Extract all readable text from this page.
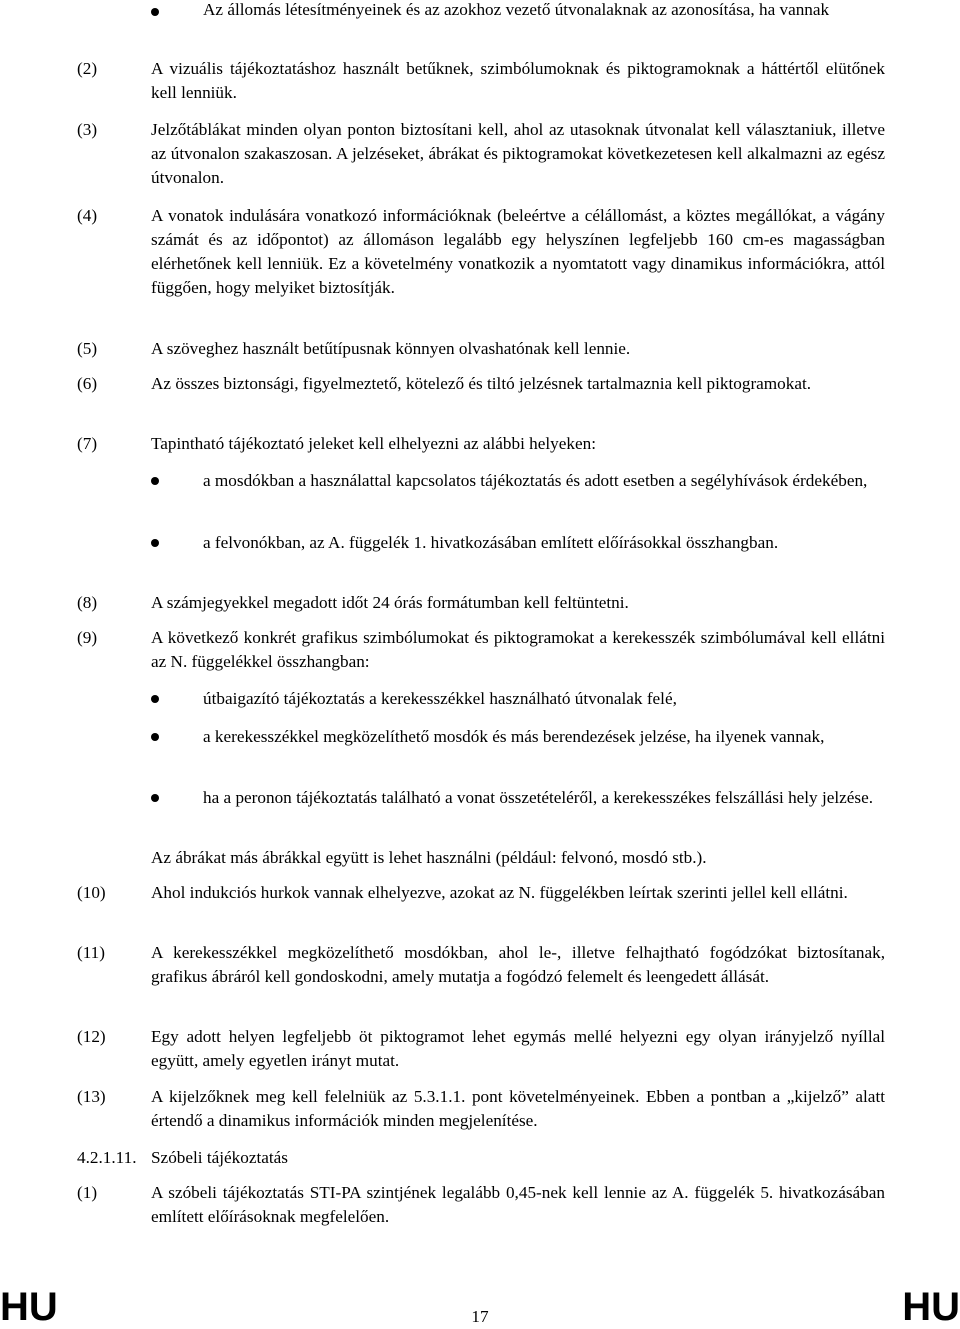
Az állomás létesítményeinek és az azokhoz vezető útvonalaknak az azonosítása, ha vannak
(2)	A vizuális tájékoztatáshoz használt betűknek, szimbólumoknak és piktogramoknak a háttértől elütőnek kell lenniük.
(3)	Jelzőtáblákat minden olyan ponton biztosítani kell, ahol az utasoknak útvonalat kell választaniuk, illetve az útvonalon szakaszosan. A jelzéseket, ábrákat és piktogramokat következetesen kell alkalmazni az egész útvonalon.
(4)	A vonatok indulására vonatkozó információknak (beleértve a célállomást, a köztes megállókat, a vágány számát és az időpontot) az állomáson legalább egy helyszínen legfeljebb 160 cm-es magasságban elérhetőnek kell lenniük. Ez a követelmény vonatkozik a nyomtatott vagy dinamikus információkra, attól függően, hogy melyiket biztosítják.
(5)	A szöveghez használt betűtípusnak könnyen olvashatónak kell lennie.
(6)	Az összes biztonsági, figyelmeztető, kötelező és tiltó jelzésnek tartalmaznia kell piktogramokat.
(7)	Tapintható tájékoztató jeleket kell elhelyezni az alábbi helyeken:
a mosdókban a használattal kapcsolatos tájékoztatás és adott esetben a segélyhívások érdekében,
a felvonókban, az A. függelék 1. hivatkozásában említett előírásokkal összhangban.
(8)	A számjegyekkel megadott időt 24 órás formátumban kell feltüntetni.
(9)	A következő konkrét grafikus szimbólumokat és piktogramokat a kerekesszék szimbólumával kell ellátni az N. függelékkel összhangban:
útbaigazító tájékoztatás a kerekesszékkel használható útvonalak felé,
a kerekesszékkel megközelíthető mosdók és más berendezések jelzése, ha ilyenek vannak,
ha a peronon tájékoztatás található a vonat összetételéről, a kerekesszékes felszállási hely jelzése.
Az ábrákat más ábrákkal együtt is lehet használni (például: felvonó, mosdó stb.).
(10)	Ahol indukciós hurkok vannak elhelyezve, azokat az N. függelékben leírtak szerinti jellel kell ellátni.
(11)	A kerekesszékkel megközelíthető mosdókban, ahol le-, illetve felhajtható fogódzókat biztosítanak, grafikus ábráról kell gondoskodni, amely mutatja a fogódzó felemelt és leengedett állását.
(12)	Egy adott helyen legfeljebb öt piktogramot lehet egymás mellé helyezni egy olyan irányjelző nyíllal együtt, amely egyetlen irányt mutat.
(13)	A kijelzőknek meg kell felelniük az 5.3.1.1. pont követelményeinek. Ebben a pontban a „kijelző” alatt értendő a dinamikus információk minden megjelenítése.
4.2.1.11. Szóbeli tájékoztatás
(1)	A szóbeli tájékoztatás STI-PA szintjének legalább 0,45-nek kell lennie az A. függelék 5. hivatkozásában említett előírásoknak megfelelően.
HU	17	HU
